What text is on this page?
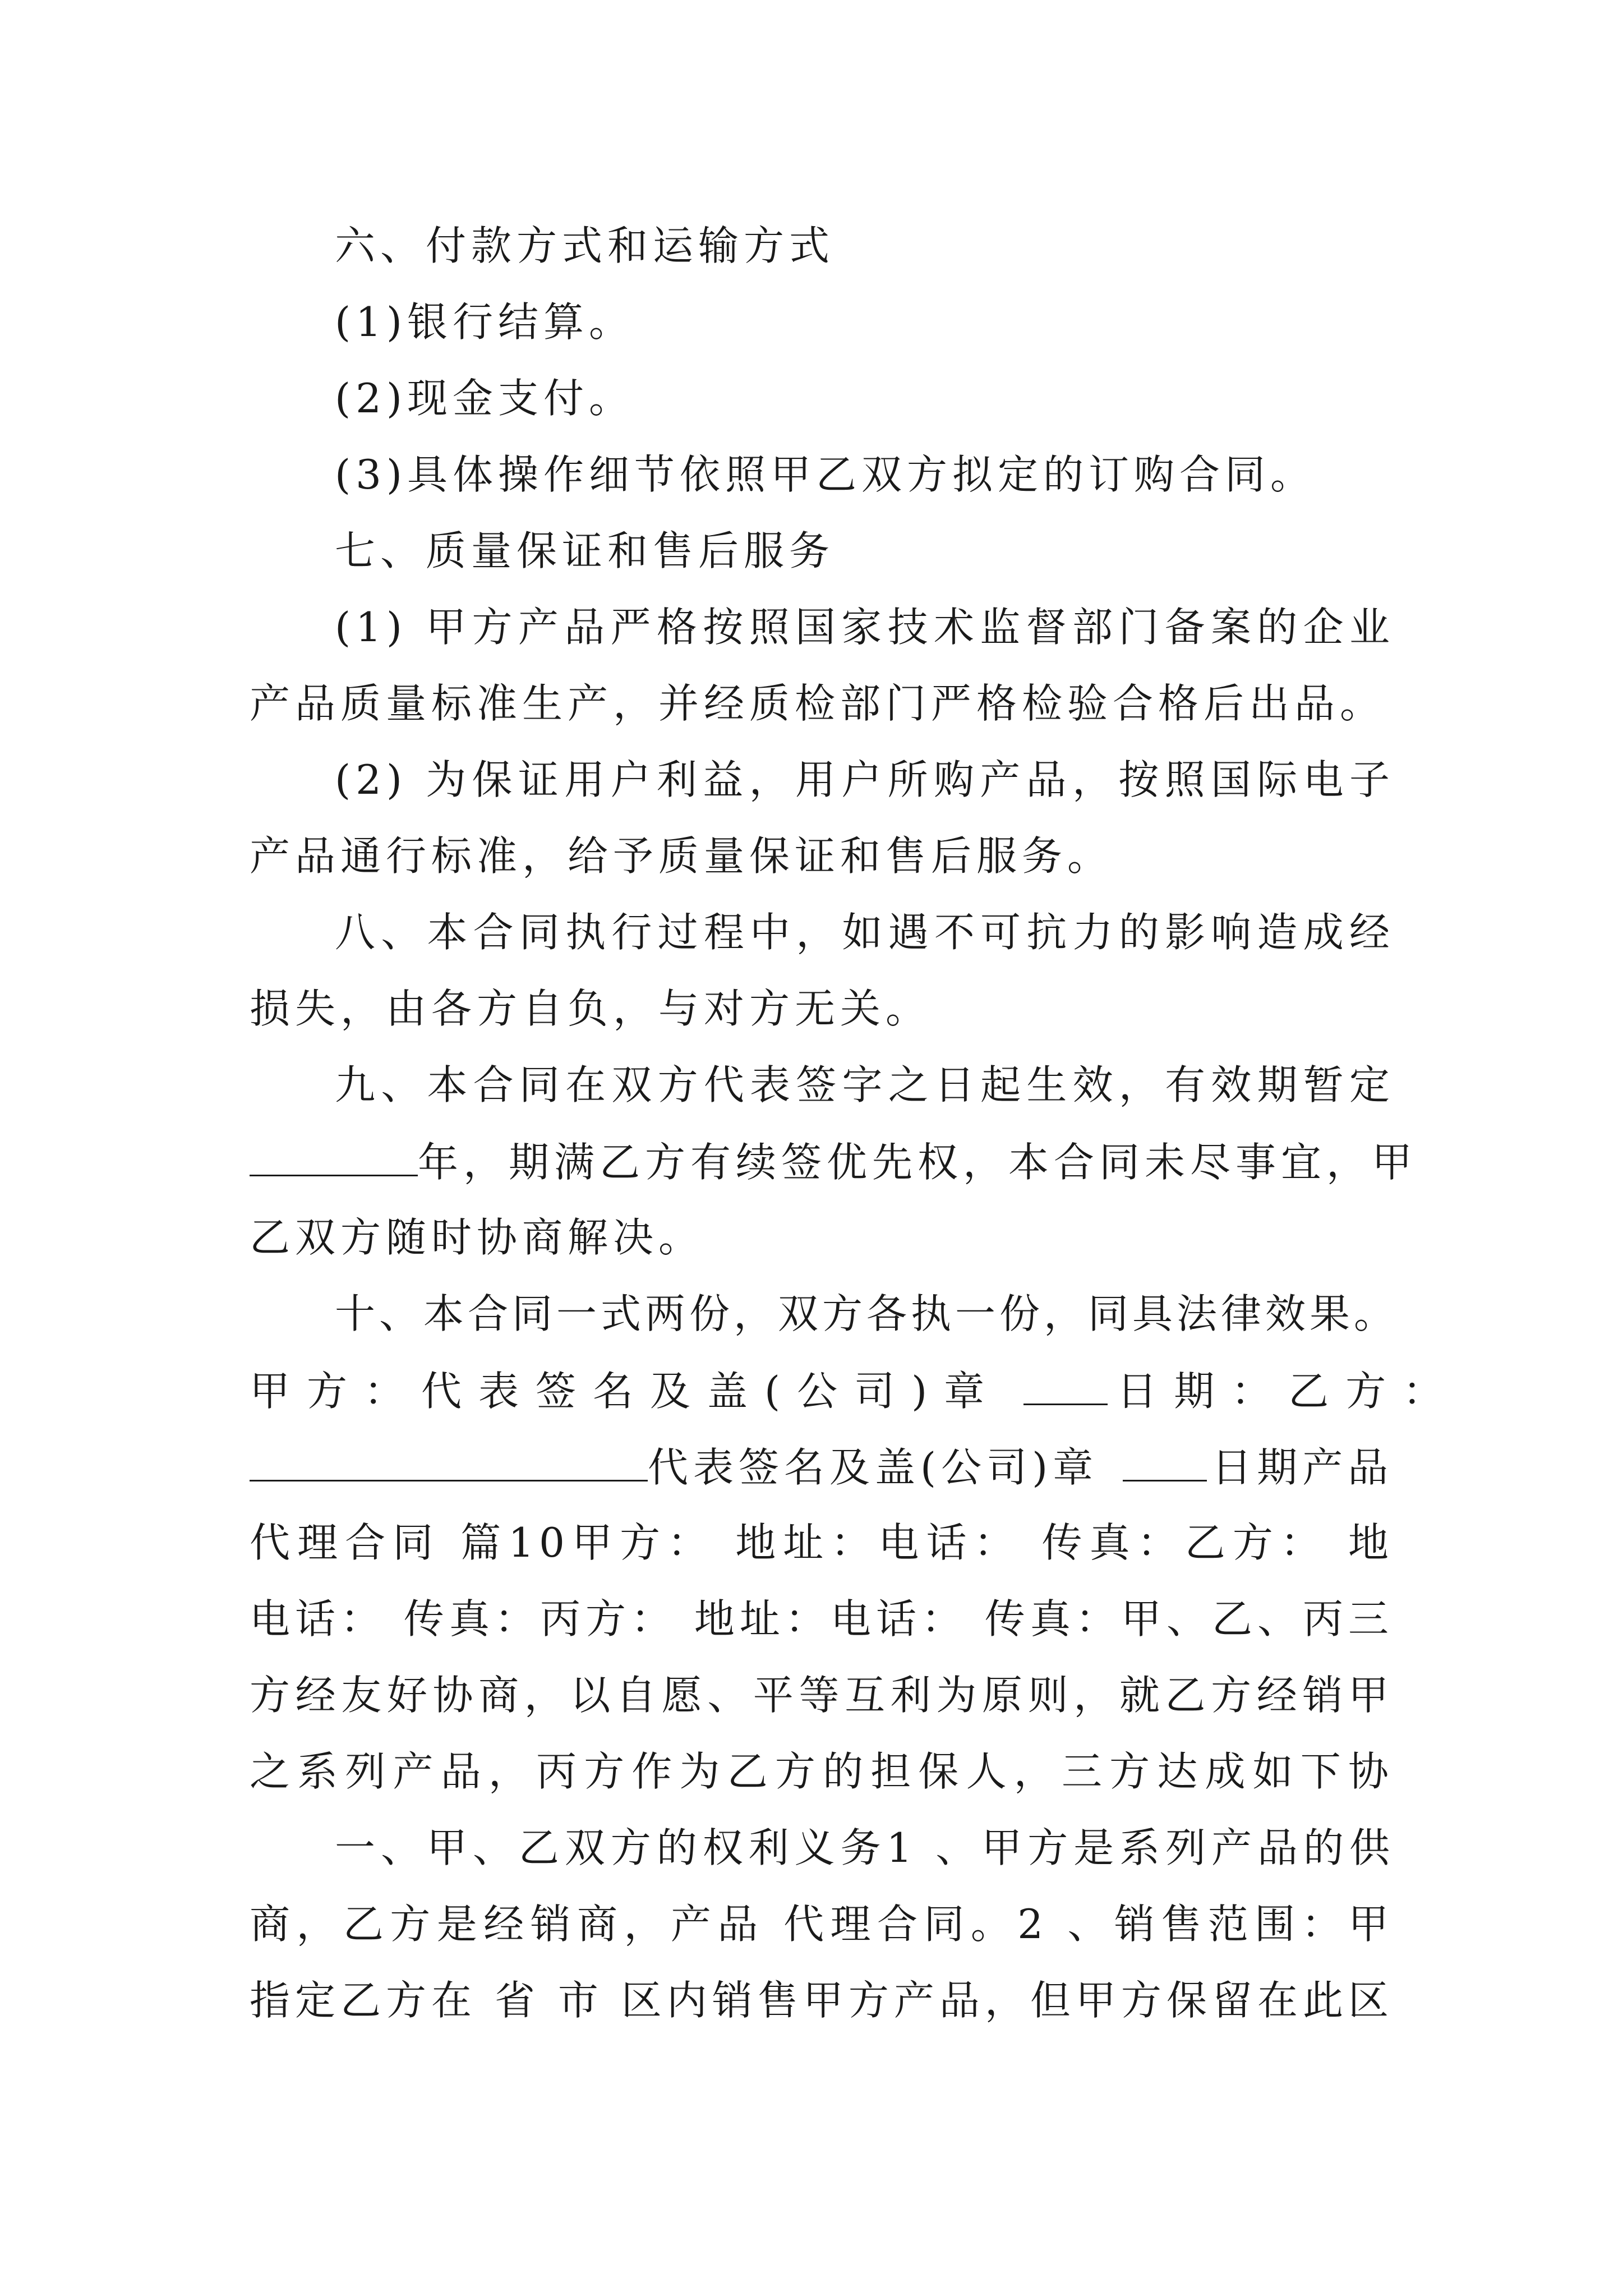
六、付款方式和运输方式
(1)银行结算。
(2)现金支付。
(3)具体操作细节依照甲乙双方拟定的订购合同。
七、质量保证和售后服务
(1) 甲方产品严格按照国家技术监督部门备案的企业
产品质量标准生产，并经质检部门严格检验合格后出品。
(2) 为保证用户利益，用户所购产品，按照国际电子
产品通行标准，给予质量保证和售后服务。
八、本合同执行过程中，如遇不可抗力的影响造成经
损失，由各方自负，与对方无关。
九、本合同在双方代表签字之日起生效，有效期暂定
年，期满乙方有续签优先权，本合同未尽事宜，甲
乙双方随时协商解决。
十、本合同一式两份，双方各执一份，同具法律效果。
甲方：代表签名及盖(公司)章	日期：乙方：
代表签名及盖(公司)章	日期产品
代理合同 篇10甲方： 地址：电话： 传真：乙方： 地
电话： 传真：丙方： 地址：电话： 传真：甲、乙、丙三
方经友好协商，以自愿、平等互利为原则，就乙方经销甲
之系列产品，丙方作为乙方的担保人，三方达成如下协
一、甲、乙双方的权利义务1 、甲方是系列产品的供
商，乙方是经销商，产品 代理合同。2 、销售范围：甲
指定乙方在 省 市 区内销售甲方产品，但甲方保留在此区
